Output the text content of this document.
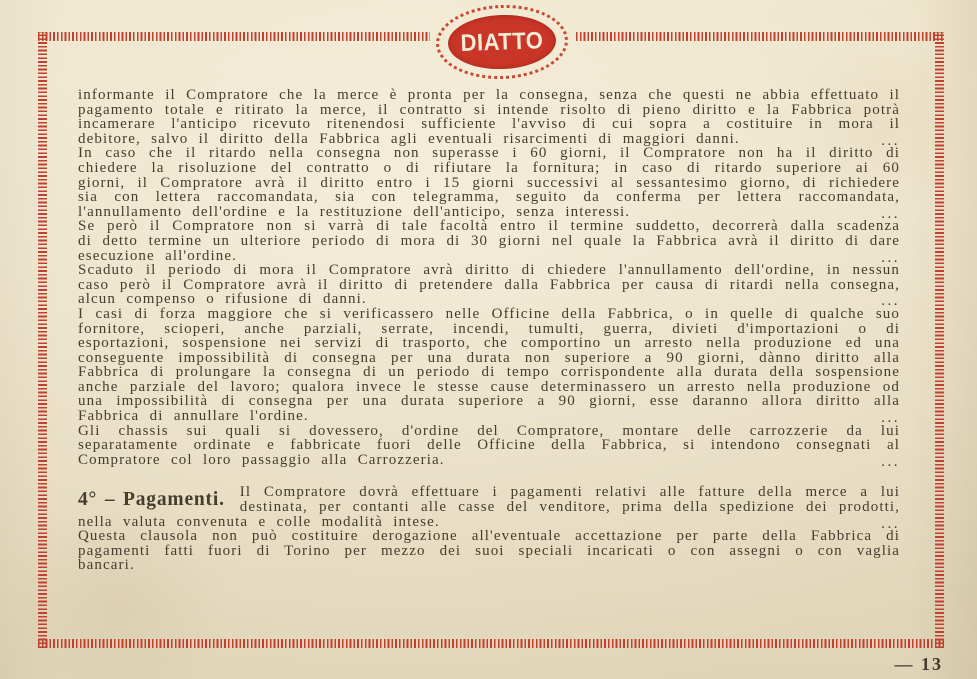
DIATTO
informante il Compratore che la merce è pronta per la consegna, senza che questi ne abbia effettuato il pagamento totale e ritirato la merce, il contratto si intende risolto di pieno diritto e la Fabbrica potrà incamerare l'anticipo ricevuto ritenendosi sufficiente l'avviso di cui sopra a costituire in mora il debitore, salvo il diritto della Fabbrica agli eventuali risarcimenti di maggiori danni.	...
In caso che il ritardo nella consegna non superasse i 60 giorni, il Compratore non ha il diritto di chiedere la risoluzione del contratto o di rifiutare la fornitura; in caso di ritardo superiore ai 60 giorni, il Compratore avrà il diritto entro i 15 giorni successivi al sessantesimo giorno, di richiedere sia con lettera raccomandata, sia con telegramma, seguito da conferma per lettera raccomandata, l'annullamento dell'ordine e la restituzione dell'anticipo, senza interessi.	...
Se però il Compratore non si varrà di tale facoltà entro il termine suddetto, decorrerà dalla scadenza di detto termine un ulteriore periodo di mora di 30 giorni nel quale la Fabbrica avrà il diritto di dare esecuzione all'ordine.	...
Scaduto il periodo di mora il Compratore avrà diritto di chiedere l'annullamento dell'ordine, in nessun caso però il Compratore avrà il diritto di pretendere dalla Fabbrica per causa di ritardi nella consegna, alcun compenso o rifusione di danni.	...
I casi di forza maggiore che si verificassero nelle Officine della Fabbrica, o in quelle di qualche suo fornitore, scioperi, anche parziali, serrate, incendi, tumulti, guerra, divieti d'importazioni o di esportazioni, sospensione nei servizi di trasporto, che comportino un arresto nella produzione ed una conseguente impossibilità di consegna per una durata non superiore a 90 giorni, dànno diritto alla Fabbrica di prolungare la consegna di un periodo di tempo corrispondente alla durata della sospensione anche parziale del lavoro; qualora invece le stesse cause determinassero un arresto nella produzione od una impossibilità di consegna per una durata superiore a 90 giorni, esse daranno allora diritto alla Fabbrica di annullare l'ordine.	...
Gli chassis sui quali si dovessero, d'ordine del Compratore, montare delle carrozzerie da lui separatamente ordinate e fabbricate fuori delle Officine della Fabbrica, si intendono consegnati al Compratore col loro passaggio alla Carrozzeria.	...
4° – Pagamenti. Il Compratore dovrà effettuare i pagamenti relativi alle fatture della merce a lui destinata, per contanti alle casse del venditore, prima della spedizione dei prodotti, nella valuta convenuta e colle modalità intese.	...
Questa clausola non può costituire derogazione all'eventuale accettazione per parte della Fabbrica di pagamenti fatti fuori di Torino per mezzo dei suoi speciali incaricati o con assegni o con vaglia bancari.
— 13
